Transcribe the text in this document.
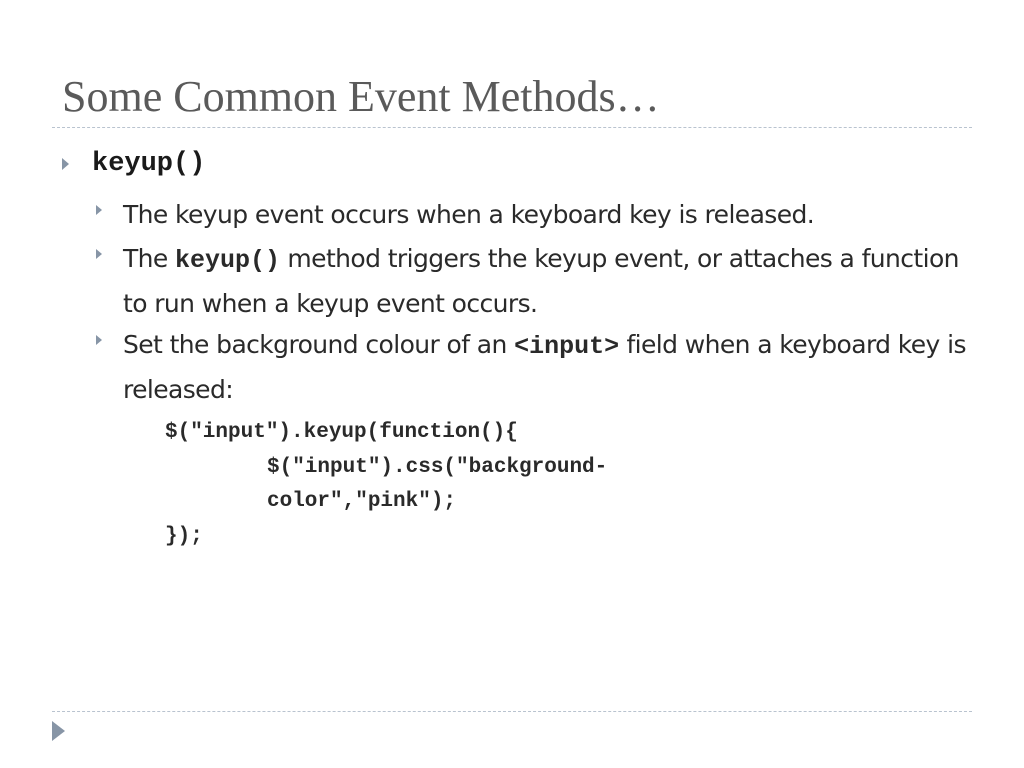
Some Common Event Methods…
keyup()
The keyup event occurs when a keyboard key is released.
The keyup() method triggers the keyup event, or attaches a function to run when a keyup event occurs.
Set the background colour of an <input> field when a keyboard key is released:
$("input").keyup(function(){
$("input").css("background-
color","pink");
});
